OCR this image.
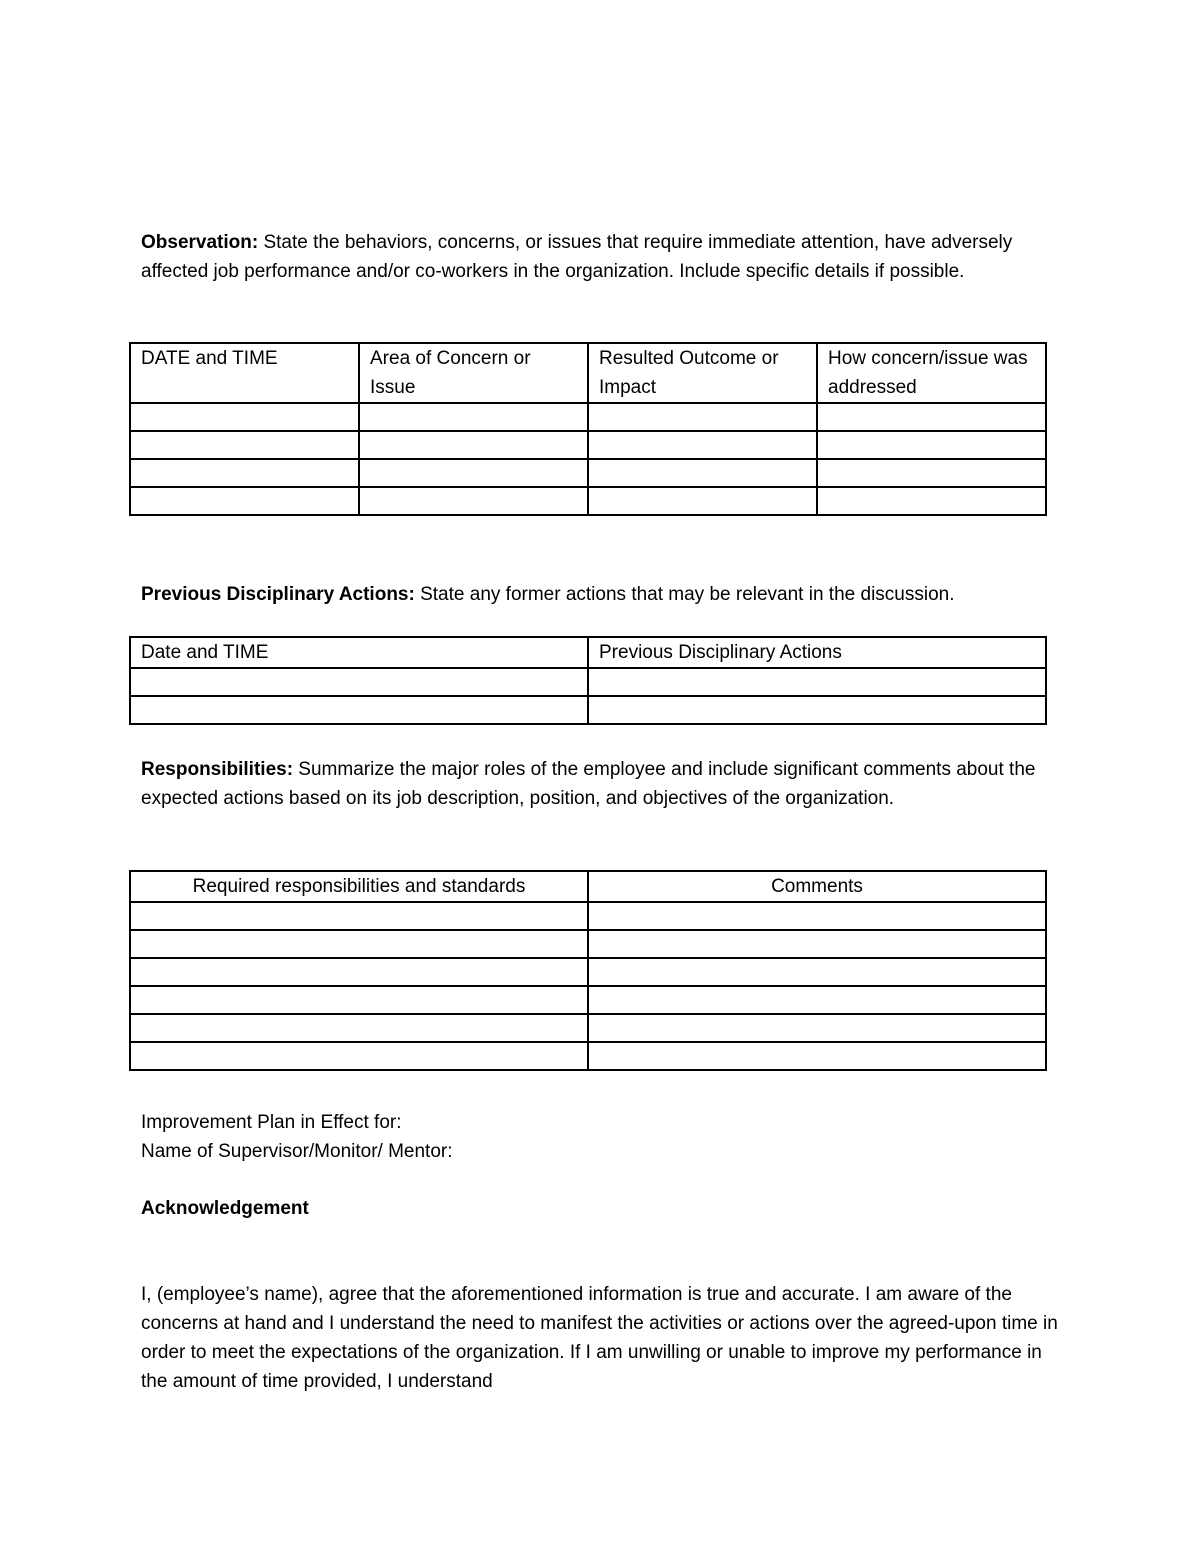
Observation: State the behaviors, concerns, or issues that require immediate attention, have adversely affected job performance and/or co-workers in the organization. Include specific details if possible.
DATE and TIME	Area of Concern or Issue	Resulted Outcome or Impact	How concern/issue was addressed

Previous Disciplinary Actions: State any former actions that may be relevant in the discussion.
Date and TIME	Previous Disciplinary Actions

Responsibilities: Summarize the major roles of the employee and include significant comments about the expected actions based on its job description, position, and objectives of the organization.
Required responsibilities and standards	Comments

Improvement Plan in Effect for:
Name of Supervisor/Monitor/ Mentor:
Acknowledgement
I, (employee’s name), agree that the aforementioned information is true and accurate. I am aware of the concerns at hand and I understand the need to manifest the activities or actions over the agreed-upon time in order to meet the expectations of the organization. If I am unwilling or unable to improve my performance in the amount of time provided, I understand
